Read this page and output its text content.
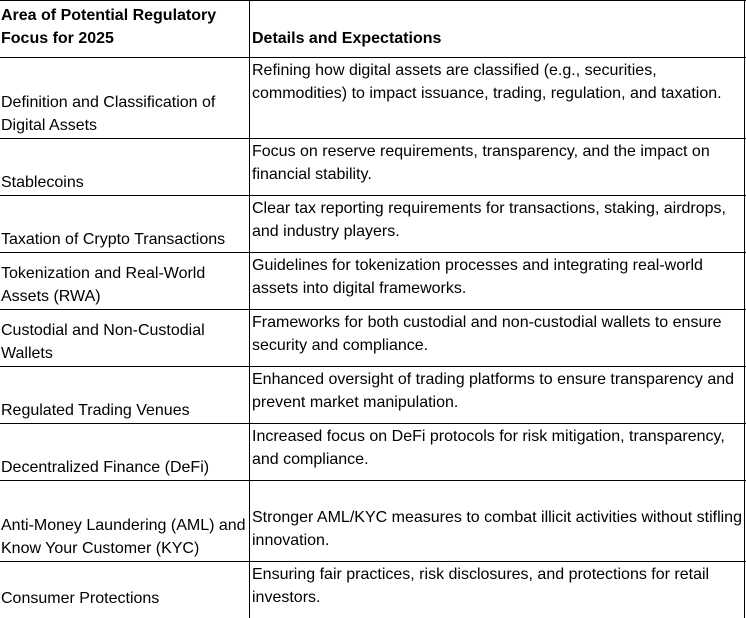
Area of Potential Regulatory Focus for 2025	Details and Expectations
Definition and Classification of Digital Assets
Refining how digital assets are classified (e.g., securities, commodities) to impact issuance, trading, regulation, and taxation.
Stablecoins
Focus on reserve requirements, transparency, and the impact on financial stability.
Taxation of Crypto Transactions
Clear tax reporting requirements for transactions, staking, airdrops, and industry players.
Tokenization and Real-World Assets (RWA)
Guidelines for tokenization processes and integrating real-world assets into digital frameworks.
Custodial and Non-Custodial Wallets
Frameworks for both custodial and non-custodial wallets to ensure security and compliance.
Regulated Trading Venues
Enhanced oversight of trading platforms to ensure transparency and prevent market manipulation.
Decentralized Finance (DeFi)
Increased focus on DeFi protocols for risk mitigation, transparency, and compliance.
Anti-Money Laundering (AML) and Know Your Customer (KYC)
Stronger AML/KYC measures to combat illicit activities without stifling innovation.
Consumer Protections
Ensuring fair practices, risk disclosures, and protections for retail investors.
